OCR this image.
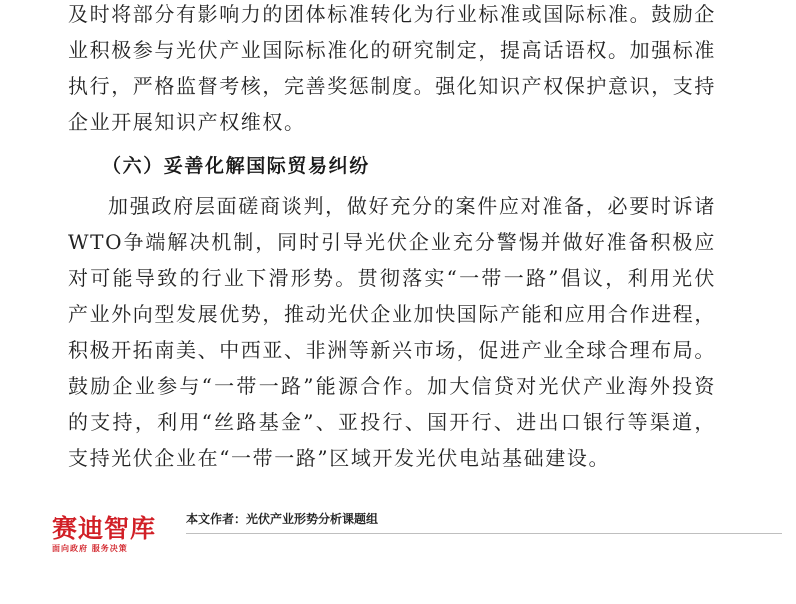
及时将部分有影响力的团体标准转化为行业标准或国际标准。鼓励企业积极参与光伏产业国际标准化的研究制定，提高话语权。加强标准执行，严格监督考核，完善奖惩制度。强化知识产权保护意识，支持企业开展知识产权维权。

（六）妥善化解国际贸易纠纷

加强政府层面磋商谈判，做好充分的案件应对准备，必要时诉诸WTO争端解决机制，同时引导光伏企业充分警惕并做好准备积极应对可能导致的行业下滑形势。贯彻落实“一带一路”倡议，利用光伏产业外向型发展优势，推动光伏企业加快国际产能和应用合作进程，积极开拓南美、中西亚、非洲等新兴市场，促进产业全球合理布局。鼓励企业参与“一带一路”能源合作。加大信贷对光伏产业海外投资的支持，利用“丝路基金”、亚投行、国开行、进出口银行等渠道，支持光伏企业在“一带一路”区域开发光伏电站基础建设。

赛迪智库
面向政府 服务决策
本文作者：光伏产业形势分析课题组
